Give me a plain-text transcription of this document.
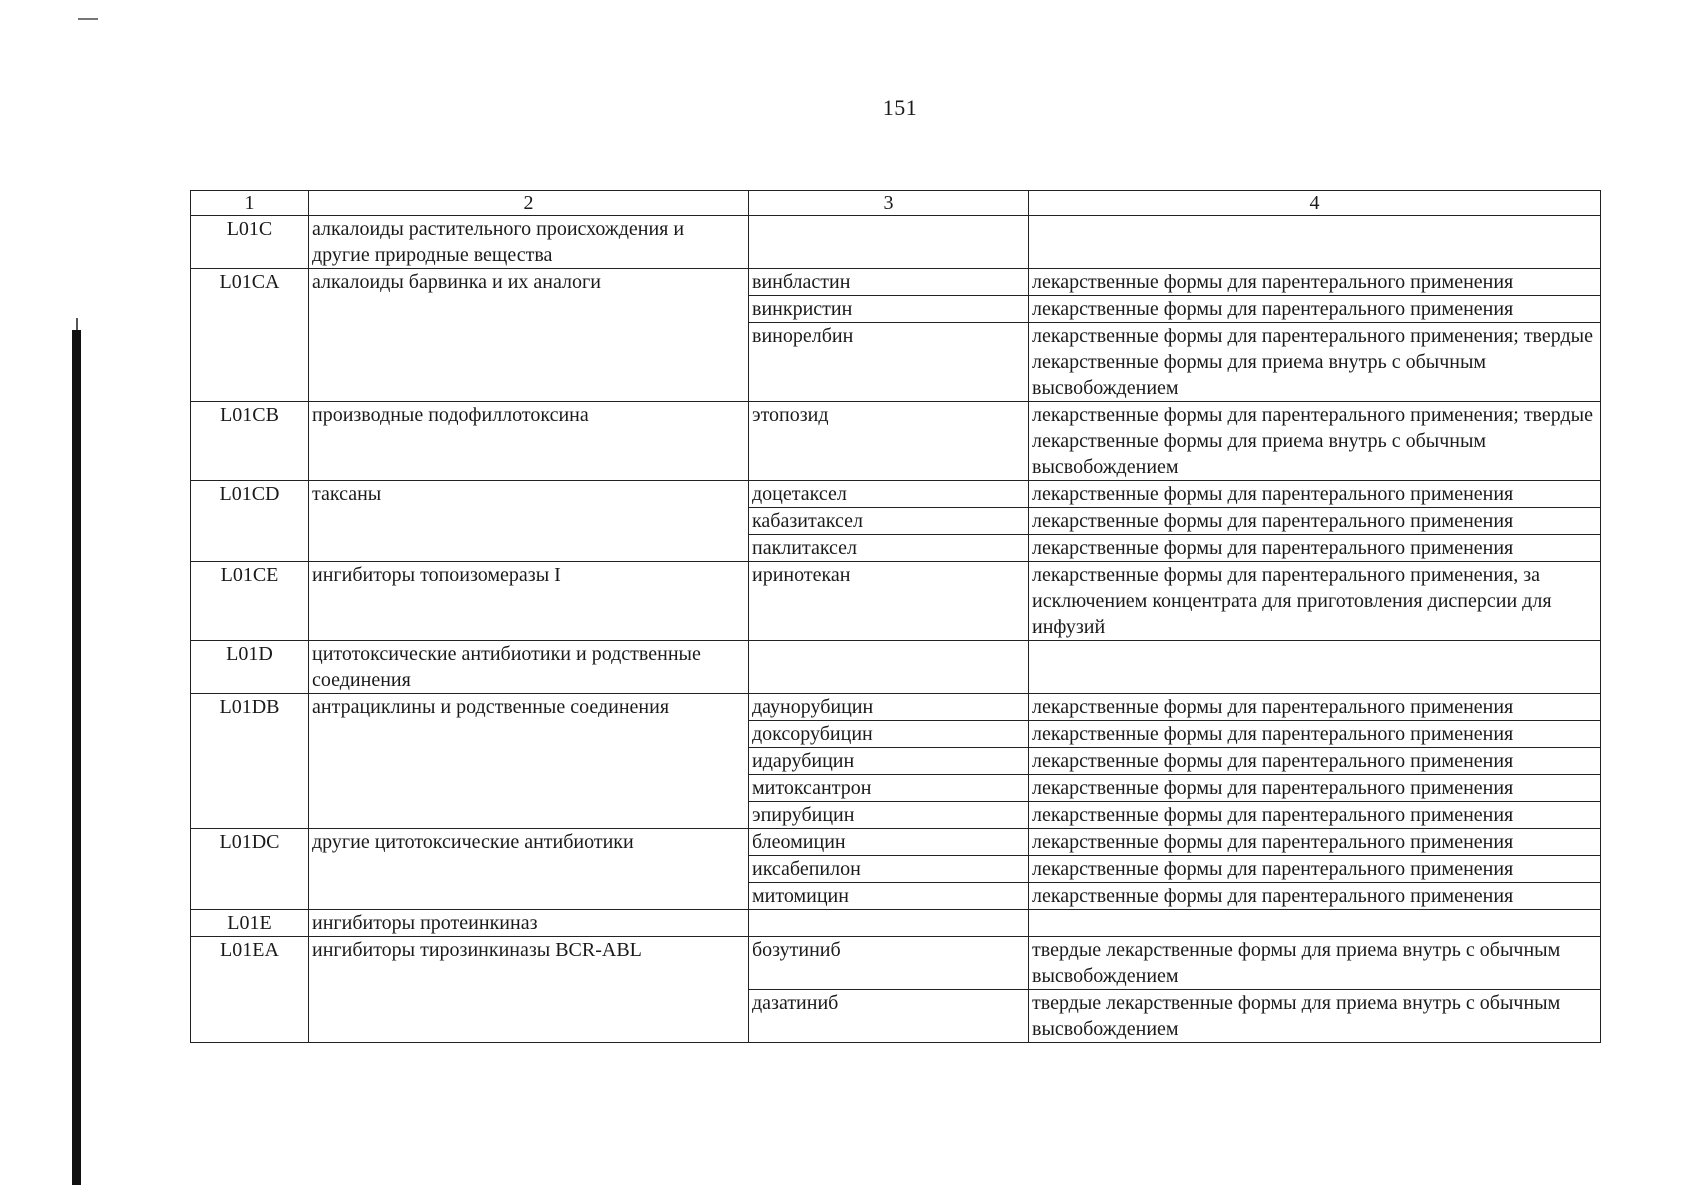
151
1	2	3	4
L01C	алкалоиды растительного происхождения и другие природные вещества		
L01CA	алкалоиды барвинка и их аналоги	винбластин	лекарственные формы для парентерального применения
		винкристин	лекарственные формы для парентерального применения
		винорелбин	лекарственные формы для парентерального применения; твердые лекарственные формы для приема внутрь с обычным высвобождением
L01CB	производные подофиллотоксина	этопозид	лекарственные формы для парентерального применения; твердые лекарственные формы для приема внутрь с обычным высвобождением
L01CD	таксаны	доцетаксел	лекарственные формы для парентерального применения
		кабазитаксел	лекарственные формы для парентерального применения
		паклитаксел	лекарственные формы для парентерального применения
L01CE	ингибиторы топоизомеразы I	иринотекан	лекарственные формы для парентерального применения, за исключением концентрата для приготовления дисперсии для инфузий
L01D	цитотоксические антибиотики и родственные соединения		
L01DB	антрациклины и родственные соединения	даунорубицин	лекарственные формы для парентерального применения
		доксорубицин	лекарственные формы для парентерального применения
		идарубицин	лекарственные формы для парентерального применения
		митоксантрон	лекарственные формы для парентерального применения
		эпирубицин	лекарственные формы для парентерального применения
L01DC	другие цитотоксические антибиотики	блеомицин	лекарственные формы для парентерального применения
		иксабепилон	лекарственные формы для парентерального применения
		митомицин	лекарственные формы для парентерального применения
L01E	ингибиторы протеинкиназ		
L01EA	ингибиторы тирозинкиназы BCR-ABL	бозутиниб	твердые лекарственные формы для приема внутрь с обычным высвобождением
		дазатиниб	твердые лекарственные формы для приема внутрь с обычным высвобождением
